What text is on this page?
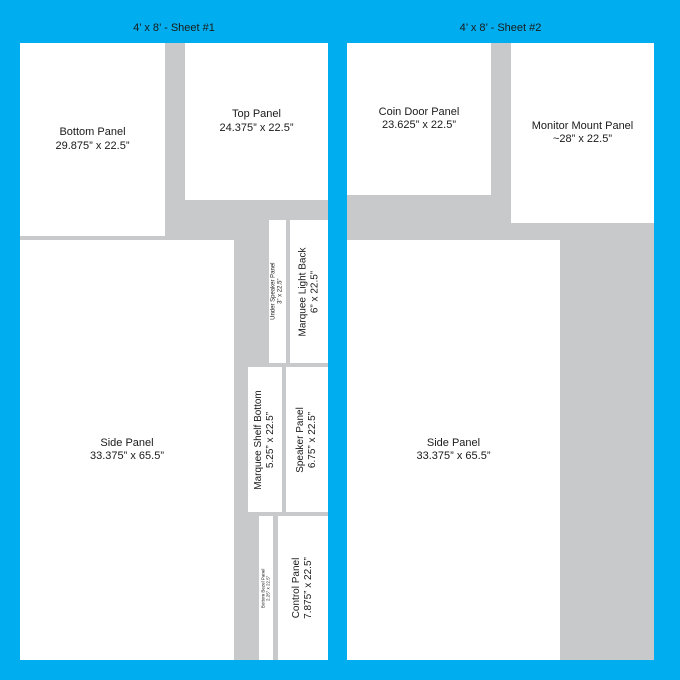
4’ x 8’ - Sheet #1	4’ x 8’ - Sheet #2
Bottom Panel
29.875” x 22.5”
Top Panel
24.375” x 22.5”
Side Panel
33.375” x 65.5”
Under Speaker Panel 3” x 22.5” Marquee Light Back 6” x 22.5”
Marquee Shelf Bottom 5.25” x 22.5” Speaker Panel 6.75” x 22.5”
Bottom Bezel Panel 2.25” x 22.5” Control Panel 7.875” x 22.5”
Coin Door Panel
23.625” x 22.5”	Monitor Mount Panel
~28” x 22.5”
Side Panel
33.375” x 65.5”
